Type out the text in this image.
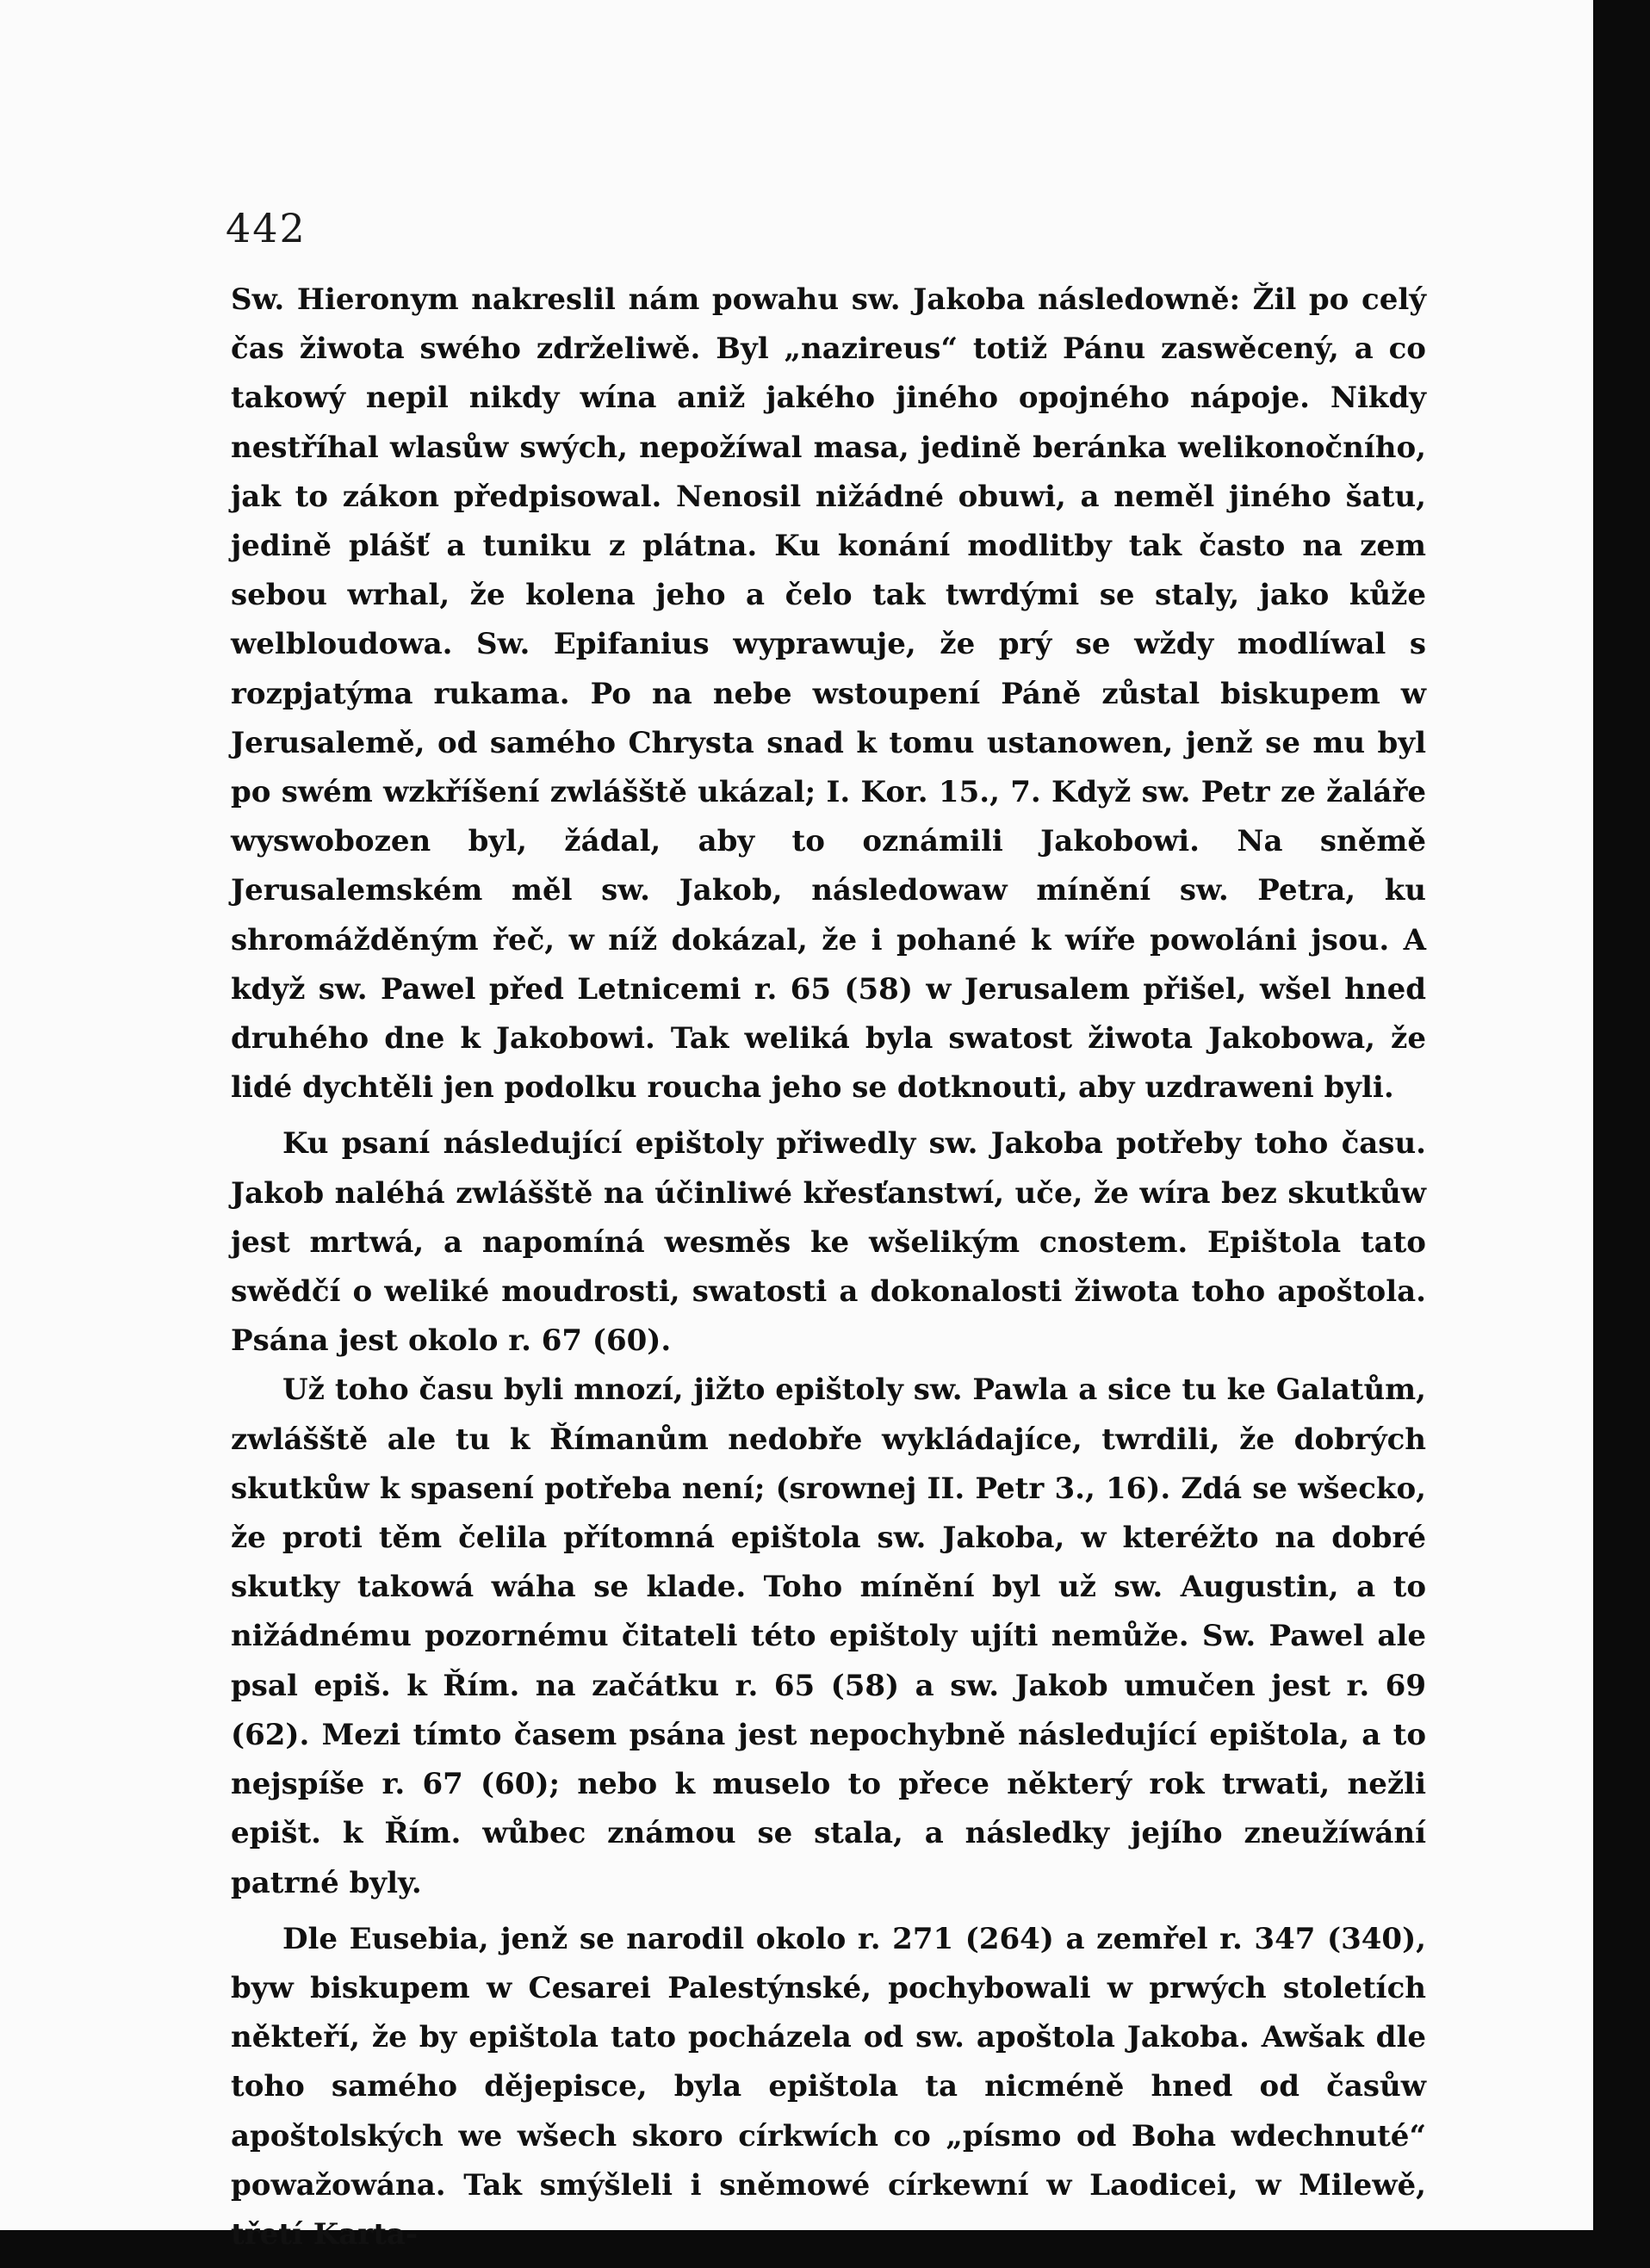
442

Sw. Hieronym nakreslil nám powahu sw. Jakoba následowně: Žil po celý čas žiwota swého zdrželiwě. Byl „nazireus“ totiž Pánu zaswěcený, a co takowý nepil nikdy wína aniž jakého jiného opojného nápoje. Nikdy nestříhal wlasůw swých, nepožíwal masa, jedině beránka welikonočního, jak to zákon předpisowal. Nenosil nižádné obuwi, a neměl jiného šatu, jedině plášť a tuniku z plátna. Ku konání modlitby tak často na zem sebou wrhal, že kolena jeho a čelo tak twrdými se staly, jako kůže welbloudowa. Sw. Epifanius wyprawuje, že prý se wždy modlíwal s rozpjatýma rukama. Po na nebe wstoupení Páně zůstal biskupem w Jerusalemě, od samého Chrysta snad k tomu ustanowen, jenž se mu byl po swém wzkříšení zwlášště ukázal; I. Kor. 15., 7. Když sw. Petr ze žaláře wyswobozen byl, žádal, aby to oznámili Jakobowi. Na sněmě Jerusalemském měl sw. Jakob, následowaw mínění sw. Petra, ku shromážděným řeč, w níž dokázal, že i pohané k wíře powoláni jsou. A když sw. Pawel před Letnicemi r. 65 (58) w Jerusalem přišel, wšel hned druhého dne k Jakobowi. Tak weliká byla swatost žiwota Jakobowa, že lidé dychtěli jen podolku roucha jeho se dotknouti, aby uzdraweni byli.

Ku psaní následující epištoly přiwedly sw. Jakoba potřeby toho času. Jakob naléhá zwlášště na účinliwé křesťanstwí, uče, že wíra bez skutkůw jest mrtwá, a napomíná wesměs ke wšelikým cnostem. Epištola tato swědčí o weliké moudrosti, swatosti a dokonalosti žiwota toho apoštola. Psána jest okolo r. 67 (60).

Už toho času byli mnozí, jižto epištoly sw. Pawla a sice tu ke Galatům, zwlášště ale tu k Římanům nedobře wykládajíce, twrdili, že dobrých skutkůw k spasení potřeba není; (srownej II. Petr 3., 16). Zdá se wšecko, že proti těm čelila přítomná epištola sw. Jakoba, w kteréžto na dobré skutky takowá wáha se klade. Toho mínění byl už sw. Augustin, a to nižádnému pozornému čitateli této epištoly ujíti nemůže. Sw. Pawel ale psal epiš. k Řím. na začátku r. 65 (58) a sw. Jakob umučen jest r. 69 (62). Mezi tímto časem psána jest nepochybně následující epištola, a to nejspíše r. 67 (60); nebo k muselo to přece některý rok trwati, nežli epišt. k Řím. wůbec známou se stala, a následky jejího zneužíwání patrné byly.

Dle Eusebia, jenž se narodil okolo r. 271 (264) a zemřel r. 347 (340), byw biskupem w Cesarei Palestýnské, pochybowali w prwých stoletích někteří, že by epištola tato pocházela od sw. apoštola Jakoba. Awšak dle toho samého dějepisce, byla epištola ta nicméně hned od časůw apoštolských we wšech skoro církwích co „písmo od Boha wdechnuté“ powažowána. Tak smýšleli i sněmowé církewní w Laodicei, w Milewě, třetí Karta-
